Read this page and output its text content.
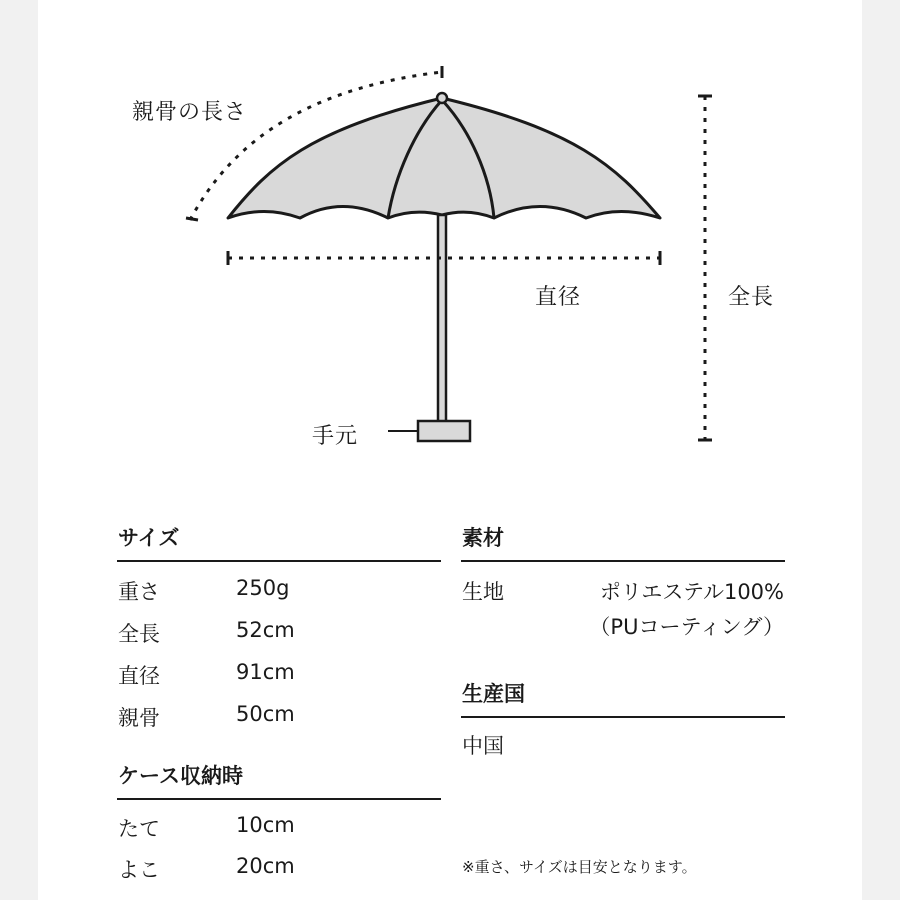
親骨の長さ
直径	全長
手元
サイズ
重さ	250g
全長	52cm
直径	91cm
親骨	50cm
ケース収納時
たて	10cm
よこ	20cm
素材
生地	ポリエステル100%
（PUコーティング）
生産国
中国
※重さ、サイズは目安となります。
